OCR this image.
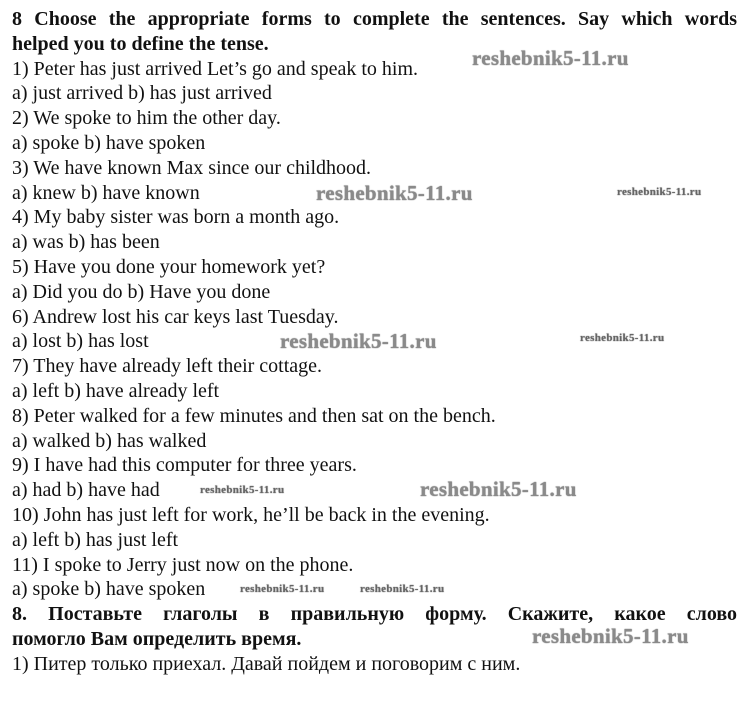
8 Choose the appropriate forms to complete the sentences. Say which words
helped you to define the tense.
1) Peter has just arrived Let’s go and speak to him.
a) just arrived b) has just arrived
2) We spoke to him the other day.
a) spoke b) have spoken
3) We have known Max since our childhood.
a) knew b) have known
4) My baby sister was born a month ago.
a) was b) has been
5) Have you done your homework yet?
a) Did you do b) Have you done
6) Andrew lost his car keys last Tuesday.
a) lost b) has lost
7) They have already left their cottage.
a) left b) have already left
8) Peter walked for a few minutes and then sat on the bench.
a) walked b) has walked
9) I have had this computer for three years.
a) had b) have had
10) John has just left for work, he’ll be back in the evening.
a) left b) has just left
11) I spoke to Jerry just now on the phone.
a) spoke b) have spoken
8. Поставьте глаголы в правильную форму. Скажите, какое слово
помогло Вам определить время.
1) Питер только приехал. Давай пойдем и поговорим с ним.
reshebnik5-11.ru
reshebnik5-11.ru	reshebnik5-11.ru
reshebnik5-11.ru	reshebnik5-11.ru
reshebnik5-11.ru
reshebnik5-11.ru
reshebnik5-11.ru	reshebnik5-11.ru
reshebnik5-11.ru
